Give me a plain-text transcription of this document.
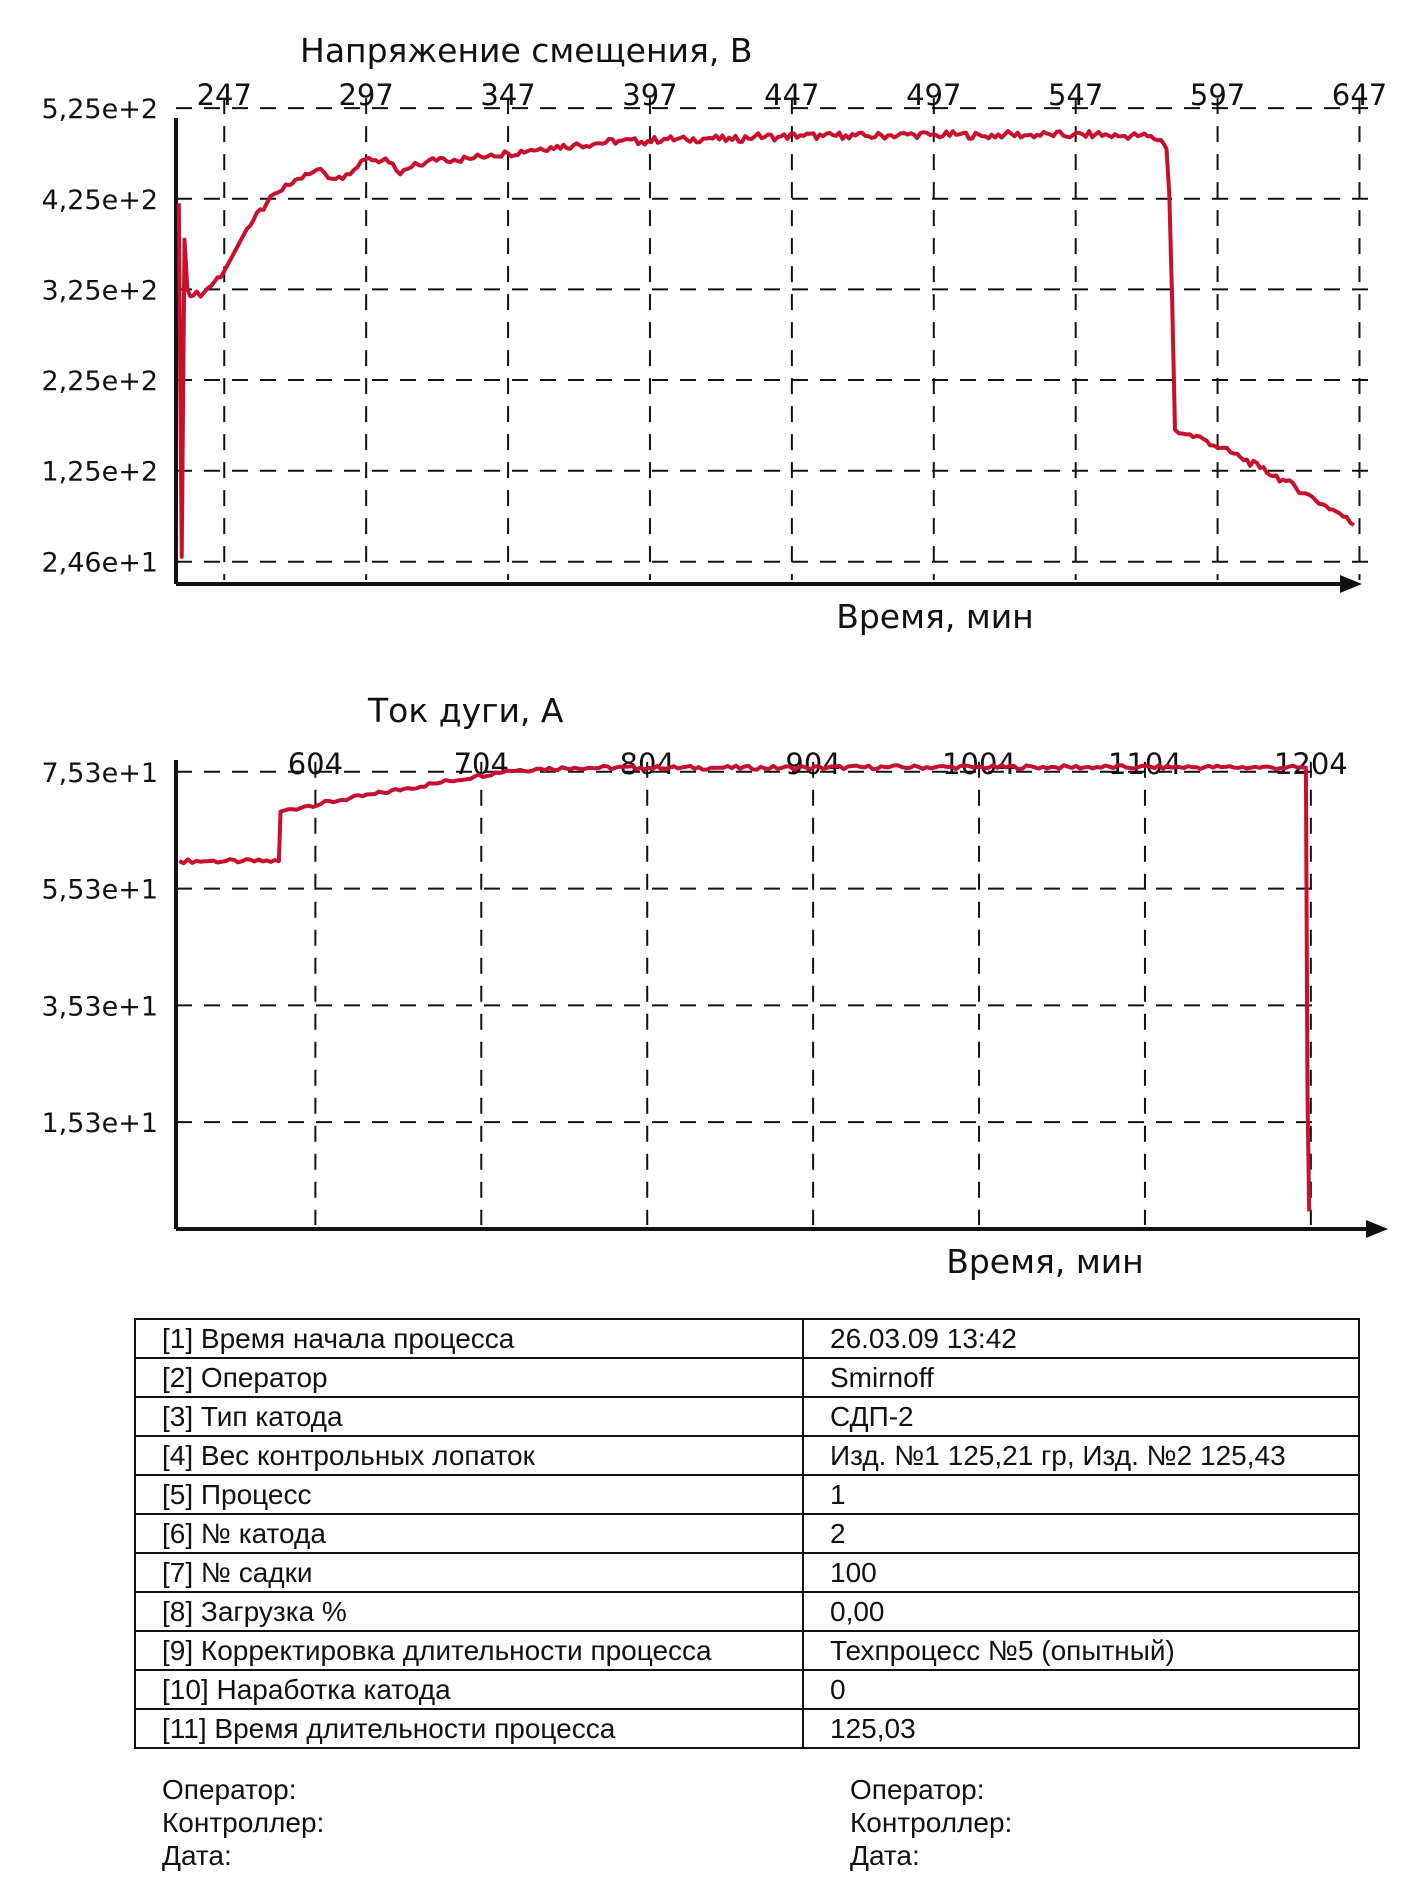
2,46e+1
1,25e+2
2,25e+2
3,25e+2
4,25e+2
5,25e+2 247	297	347	397	447	497	547	597	647
Напряжение смещения, В
Время, мин
1,53e+1
3,53e+1
5,53e+1
7,53e+1	604	704	804	904	1004	1104	1204
Ток дуги, А
Время, мин
[1] Время начала процесса	26.03.09 13:42
[2] Оператор	Smirnoff
[3] Тип катода	СДП-2
[4] Вес контрольных лопаток	Изд. №1 125,21 гр, Изд. №2 125,43
[5] Процесс	1
[6] № катода	2
[7] № садки	100
[8] Загрузка %	0,00
[9] Корректировка длительности процесса	Техпроцесс №5 (опытный)
[10] Наработка катода	0
[11] Время длительности процесса	125,03
Оператор:
Контроллер:
Дата:
Оператор:
Контроллер:
Дата:
